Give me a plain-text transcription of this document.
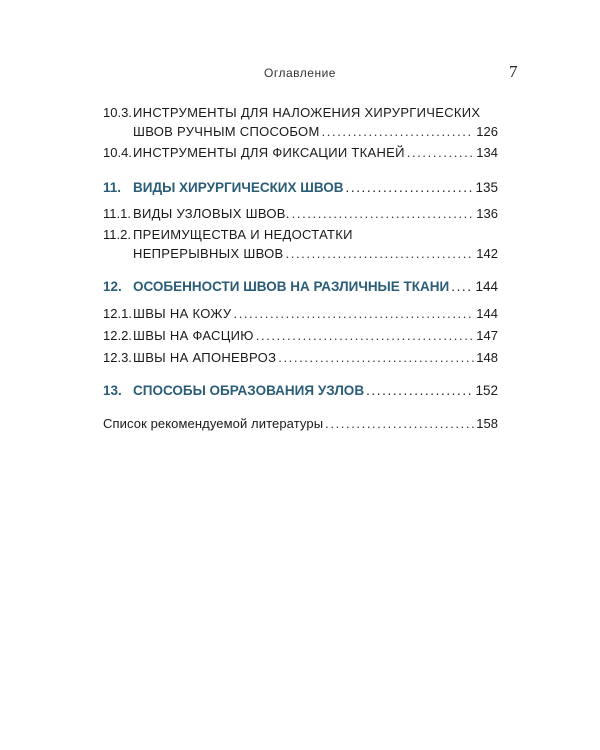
Оглавление	7
10.3. ИНСТРУМЕНТЫ ДЛЯ НАЛОЖЕНИЯ ХИРУРГИЧЕСКИХ
ШВОВ РУЧНЫМ СПОСОБОМ .....	126
10.4. ИНСТРУМЕНТЫ ДЛЯ ФИКСАЦИИ ТКАНЕЙ .....	134
11. ВИДЫ ХИРУРГИЧЕСКИХ ШВОВ .....	135
11.1. ВИДЫ УЗЛОВЫХ ШВОВ. .....	136
11.2. ПРЕИМУЩЕСТВА И НЕДОСТАТКИ
НЕПРЕРЫВНЫХ ШВОВ .....	142
12. ОСОБЕННОСТИ ШВОВ НА РАЗЛИЧНЫЕ ТКАНИ ..... 144
12.1. ШВЫ НА КОЖУ .....	144
12.2. ШВЫ НА ФАСЦИЮ .....	147
12.3. ШВЫ НА АПОНЕВРОЗ .....	148
13. СПОСОБЫ ОБРАЗОВАНИЯ УЗЛОВ .....	152
Список рекомендуемой литературы .....	158
